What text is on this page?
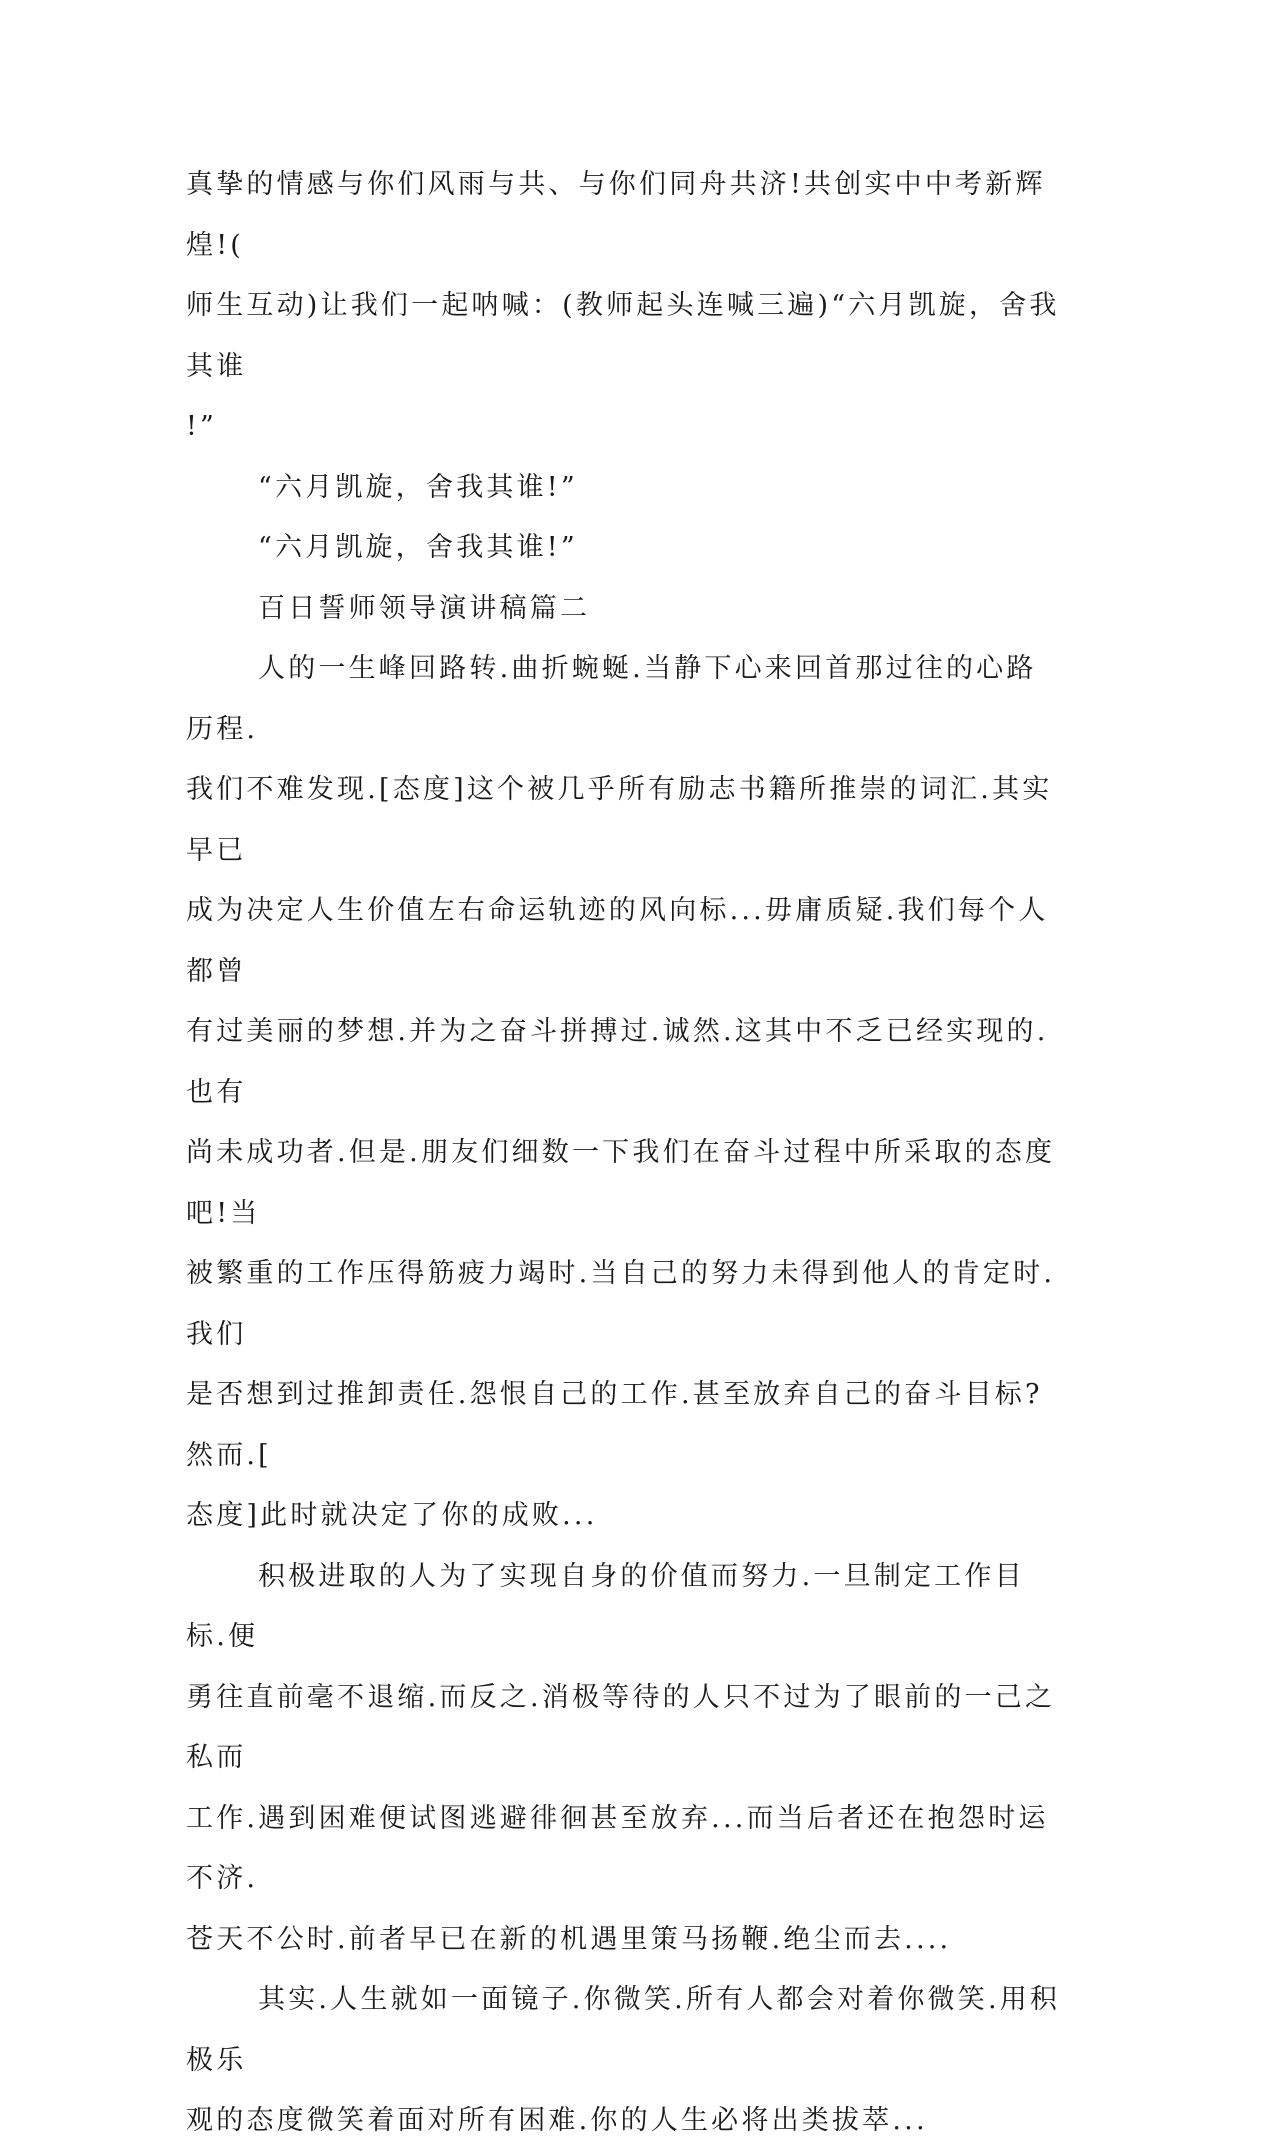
真挚的情感与你们风雨与共、与你们同舟共济!共创实中中考新辉煌!(
师生互动)让我们一起呐喊：(教师起头连喊三遍)“六月凯旋，舍我其谁
!”

“六月凯旋，舍我其谁!”

“六月凯旋，舍我其谁!”

百日誓师领导演讲稿篇二

人的一生峰回路转.曲折蜿蜒.当静下心来回首那过往的心路历程.
我们不难发现.[态度]这个被几乎所有励志书籍所推崇的词汇.其实早已
成为决定人生价值左右命运轨迹的风向标...毋庸质疑.我们每个人都曾
有过美丽的梦想.并为之奋斗拼搏过.诚然.这其中不乏已经实现的.也有
尚未成功者.但是.朋友们细数一下我们在奋斗过程中所采取的态度吧!当
被繁重的工作压得筋疲力竭时.当自己的努力未得到他人的肯定时.我们
是否想到过推卸责任.怨恨自己的工作.甚至放弃自己的奋斗目标?然而.[
态度]此时就决定了你的成败...

积极进取的人为了实现自身的价值而努力.一旦制定工作目标.便
勇往直前毫不退缩.而反之.消极等待的人只不过为了眼前的一己之私而
工作.遇到困难便试图逃避徘徊甚至放弃...而当后者还在抱怨时运不济.
苍天不公时.前者早已在新的机遇里策马扬鞭.绝尘而去....

其实.人生就如一面镜子.你微笑.所有人都会对着你微笑.用积极乐
观的态度微笑着面对所有困难.你的人生必将出类拔萃...
